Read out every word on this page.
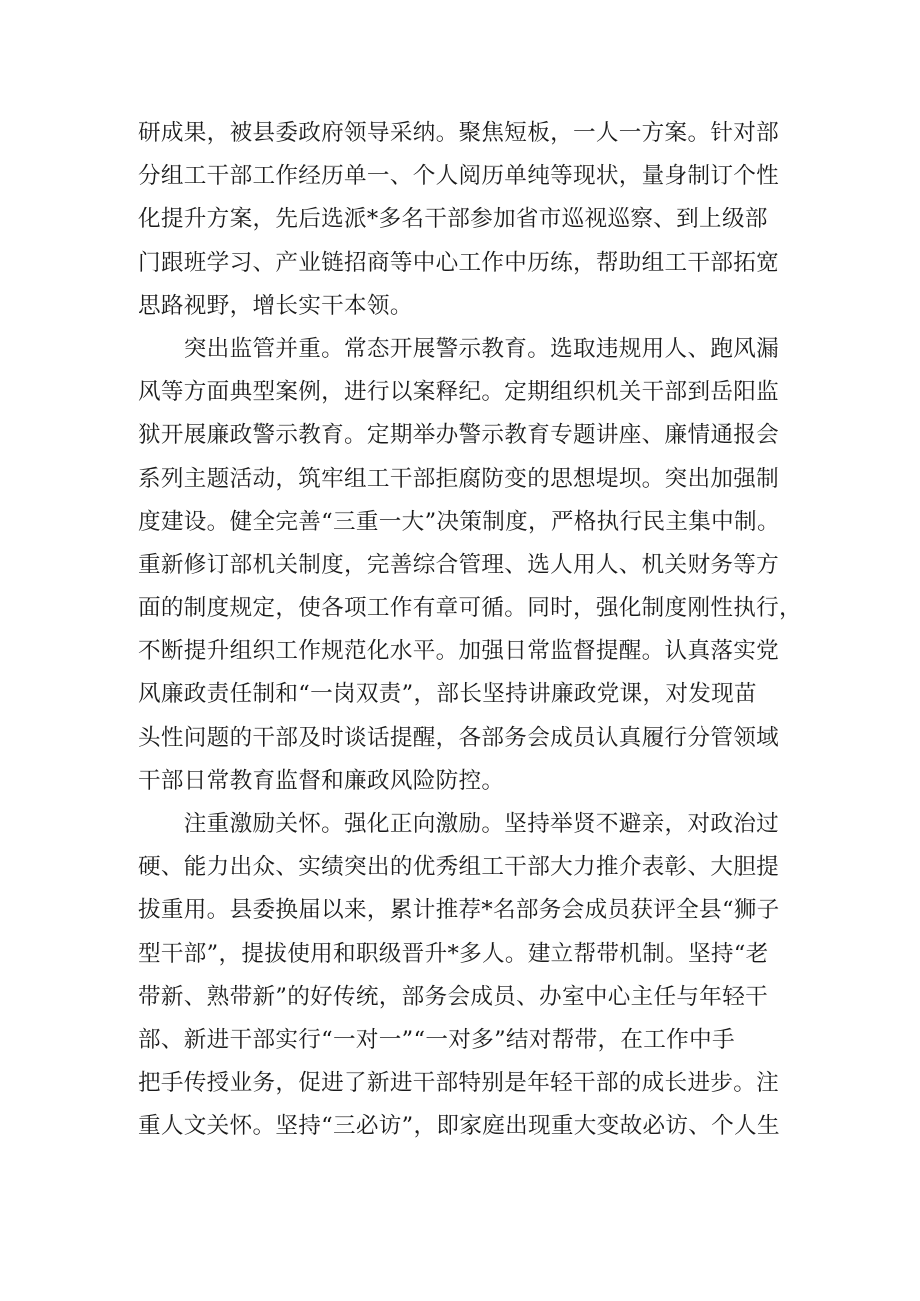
研成果，被县委政府领导采纳。聚焦短板，一人一方案。针对部
分组工干部工作经历单一、个人阅历单纯等现状，量身制订个性
化提升方案，先后选派*多名干部参加省市巡视巡察、到上级部
门跟班学习、产业链招商等中心工作中历练，帮助组工干部拓宽
思路视野，增长实干本领。
　　突出监管并重。常态开展警示教育。选取违规用人、跑风漏
风等方面典型案例，进行以案释纪。定期组织机关干部到岳阳监
狱开展廉政警示教育。定期举办警示教育专题讲座、廉情通报会
系列主题活动，筑牢组工干部拒腐防变的思想堤坝。突出加强制
度建设。健全完善“三重一大”决策制度，严格执行民主集中制。
重新修订部机关制度，完善综合管理、选人用人、机关财务等方
面的制度规定，使各项工作有章可循。同时，强化制度刚性执行，
不断提升组织工作规范化水平。加强日常监督提醒。认真落实党
风廉政责任制和“一岗双责”，部长坚持讲廉政党课，对发现苗
头性问题的干部及时谈话提醒，各部务会成员认真履行分管领域
干部日常教育监督和廉政风险防控。
　　注重激励关怀。强化正向激励。坚持举贤不避亲，对政治过
硬、能力出众、实绩突出的优秀组工干部大力推介表彰、大胆提
拔重用。县委换届以来，累计推荐*名部务会成员获评全县“狮子
型干部”，提拔使用和职级晋升*多人。建立帮带机制。坚持“老
带新、熟带新”的好传统，部务会成员、办室中心主任与年轻干
部、新进干部实行“一对一”“一对多”结对帮带，在工作中手
把手传授业务，促进了新进干部特别是年轻干部的成长进步。注
重人文关怀。坚持“三必访”，即家庭出现重大变故必访、个人生
